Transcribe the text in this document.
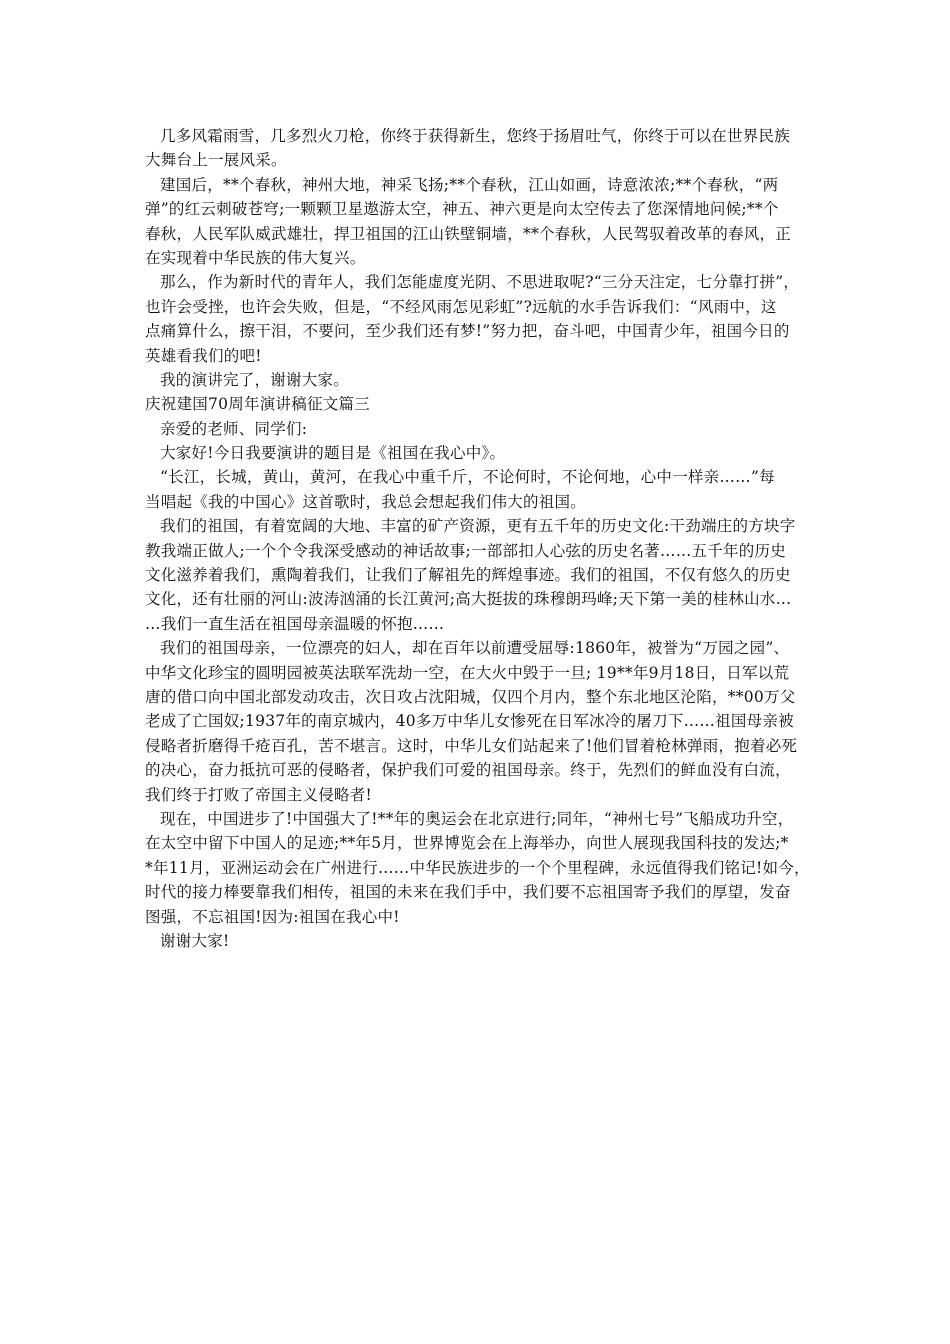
几多风霜雨雪，几多烈火刀枪，你终于获得新生，您终于扬眉吐气，你终于可以在世界民族
大舞台上一展风采。
建国后，**个春秋，神州大地，神采飞扬;**个春秋，江山如画，诗意浓浓;**个春秋，“两
弹”的红云刺破苍穹;一颗颗卫星遨游太空，神五、神六更是向太空传去了您深情地问候;**个
春秋，人民军队威武雄壮，捍卫祖国的江山铁壁铜墙，**个春秋，人民驾驭着改革的春风，正
在实现着中华民族的伟大复兴。
那么，作为新时代的青年人，我们怎能虚度光阴、不思进取呢?“三分天注定，七分靠打拼”，
也许会受挫，也许会失败，但是，“不经风雨怎见彩虹”?远航的水手告诉我们：“风雨中，这
点痛算什么，擦干泪，不要问，至少我们还有梦!”努力把，奋斗吧，中国青少年，祖国今日的
英雄看我们的吧!
我的演讲完了，谢谢大家。
庆祝建国70周年演讲稿征文篇三
亲爱的老师、同学们:
大家好!今日我要演讲的题目是《祖国在我心中》。
“长江，长城，黄山，黄河，在我心中重千斤，不论何时，不论何地，心中一样亲……”每
当唱起《我的中国心》这首歌时，我总会想起我们伟大的祖国。
我们的祖国，有着宽阔的大地、丰富的矿产资源，更有五千年的历史文化:干劲端庄的方块字
教我端正做人;一个个令我深受感动的神话故事;一部部扣人心弦的历史名著……五千年的历史
文化滋养着我们，熏陶着我们，让我们了解祖先的辉煌事迹。我们的祖国，不仅有悠久的历史
文化，还有壮丽的河山:波涛汹涌的长江黄河;高大挺拔的珠穆朗玛峰;天下第一美的桂林山水…
…我们一直生活在祖国母亲温暖的怀抱……
我们的祖国母亲，一位漂亮的妇人，却在百年以前遭受屈辱:1860年，被誉为“万园之园”、
中华文化珍宝的圆明园被英法联军洗劫一空，在大火中毁于一旦; 19**年9月18日，日军以荒
唐的借口向中国北部发动攻击，次日攻占沈阳城，仅四个月内，整个东北地区沦陷，**00万父
老成了亡国奴;1937年的南京城内，40多万中华儿女惨死在日军冰冷的屠刀下……祖国母亲被
侵略者折磨得千疮百孔，苦不堪言。这时，中华儿女们站起来了!他们冒着枪林弹雨，抱着必死
的决心，奋力抵抗可恶的侵略者，保护我们可爱的祖国母亲。终于，先烈们的鲜血没有白流，
我们终于打败了帝国主义侵略者!
现在，中国进步了!中国强大了!**年的奥运会在北京进行;同年，“神州七号”飞船成功升空，
在太空中留下中国人的足迹;**年5月，世界博览会在上海举办，向世人展现我国科技的发达;*
*年11月，亚洲运动会在广州进行……中华民族进步的一个个里程碑，永远值得我们铭记!如今，
时代的接力棒要靠我们相传，祖国的未来在我们手中，我们要不忘祖国寄予我们的厚望，发奋
图强，不忘祖国!因为:祖国在我心中!
谢谢大家!
